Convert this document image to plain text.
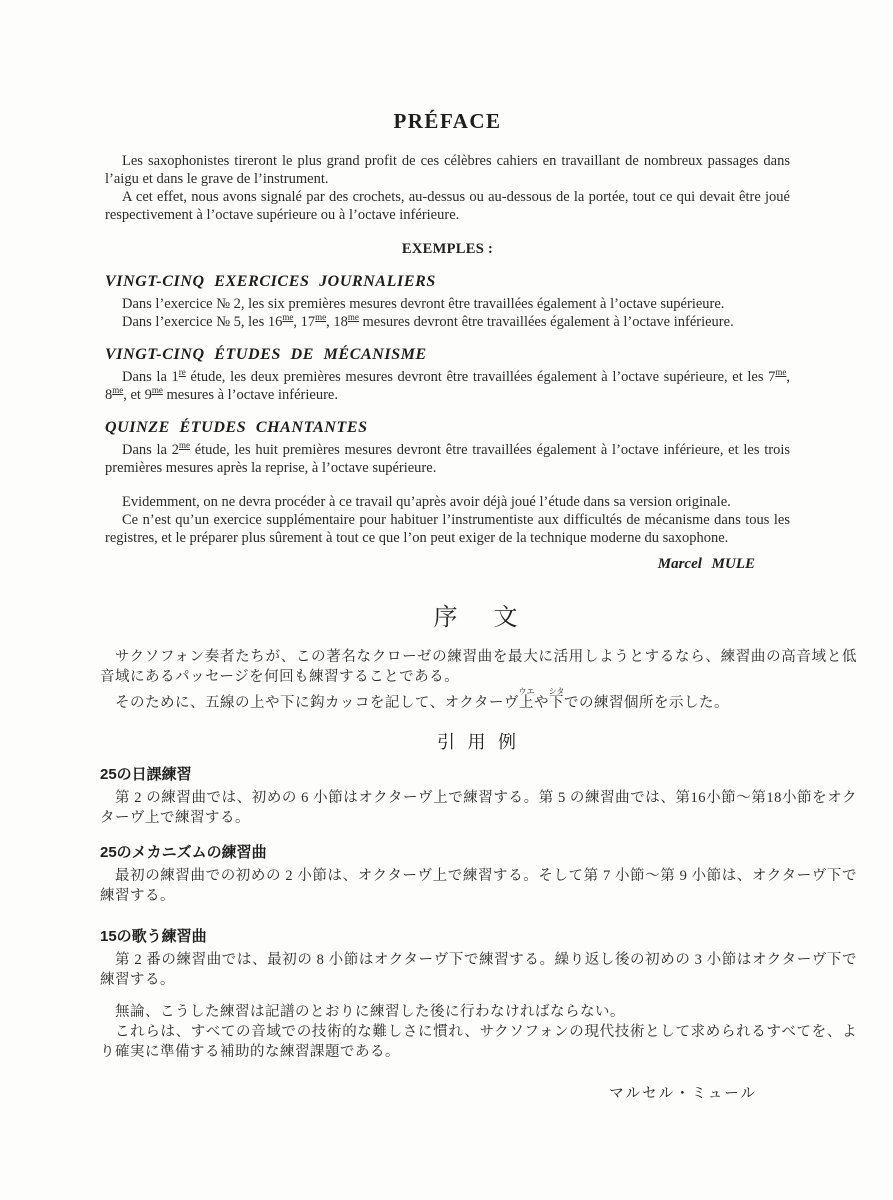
PRÉFACE

Les saxophonistes tireront le plus grand profit de ces célèbres cahiers en travaillant de nombreux passages dans l’aigu et dans le grave de l’instrument.

A cet effet, nous avons signalé par des crochets, au-dessus ou au-dessous de la portée, tout ce qui devait être joué respectivement à l’octave supérieure ou à l’octave inférieure.

EXEMPLES :
VINGT-CINQ EXERCICES JOURNALIERS

Dans l’exercice № 2, les six premières mesures devront être travaillées également à l’octave supérieure.

Dans l’exercice № 5, les $16^{me}$, $17^{me}$, $18^{me}$ mesures devront être travaillées également à l’octave inférieure.

VINGT-CINQ ÉTUDES DE MÉCANISME

Dans la 1re étude, les deux premières mesures devront être travaillées également à l’octave supérieure, et les $7^{me}$, $8^{me}$, et $9^{me}$ mesures à l’octave inférieure.

QUINZE ÉTUDES CHANTANTES

Dans la $2^{me}$ étude, les huit premières mesures devront être travaillées également à l’octave inférieure, et les trois premières mesures après la reprise, à l’octave supérieure.

Evidemment, on ne devra procéder à ce travail qu’après avoir déjà joué l’étude dans sa version originale.

Ce n’est qu’un exercice supplémentaire pour habituer l’instrumentiste aux difficultés de mécanisme dans tous les registres, et le préparer plus sûrement à tout ce que l’on peut exiger de la technique moderne du saxophone.

Marcel MULE
序　文

サクソフォン奏者たちが、この著名なクローゼの練習曲を最大に活用しようとするなら、練習曲の高音域と低音域にあるパッセージを何回も練習することである。

そのために、五線の上や下に鈎カッコを記して、オクターヴ上ウエや下シタでの練習個所を示した。

引 用 例
25の日課練習

第 2 の練習曲では、初めの 6 小節はオクターヴ上で練習する。第 5 の練習曲では、第16小節〜第18小節をオクターヴ上で練習する。

25のメカニズムの練習曲

最初の練習曲での初めの 2 小節は、オクターヴ上で練習する。そして第 7 小節〜第 9 小節は、オクターヴ下で練習する。

15の歌う練習曲

第 2 番の練習曲では、最初の 8 小節はオクターヴ下で練習する。繰り返し後の初めの 3 小節はオクターヴ下で練習する。

無論、こうした練習は記譜のとおりに練習した後に行わなければならない。

これらは、すべての音域での技術的な難しさに慣れ、サクソフォンの現代技術として求められるすべてを、より確実に準備する補助的な練習課題である。

マルセル・ミュール
